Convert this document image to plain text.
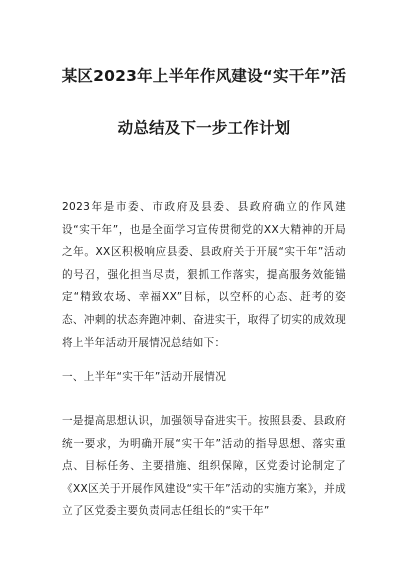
某区2023年上半年作风建设“实干年”活
动总结及下一步工作计划
2023年是市委、市政府及县委、县政府确立的作风建设“实干年”，也是全面学习宣传贯彻党的XX大精神的开局之年。XX区积极响应县委、县政府关于开展“实干年”活动的号召，强化担当尽责，狠抓工作落实，提高服务效能锚定“精致农场、幸福XX”目标，以空杯的心态、赶考的姿态、冲刺的状态奔跑冲刺、奋进实干，取得了切实的成效现将上半年活动开展情况总结如下：
一、上半年“实干年”活动开展情况
一是提高思想认识，加强领导奋进实干。按照县委、县政府统一要求，为明确开展“实干年”活动的指导思想、落实重点、目标任务、主要措施、组织保障，区党委讨论制定了《XX区关于开展作风建设“实干年”活动的实施方案》，并成立了区党委主要负责同志任组长的“实干年”
